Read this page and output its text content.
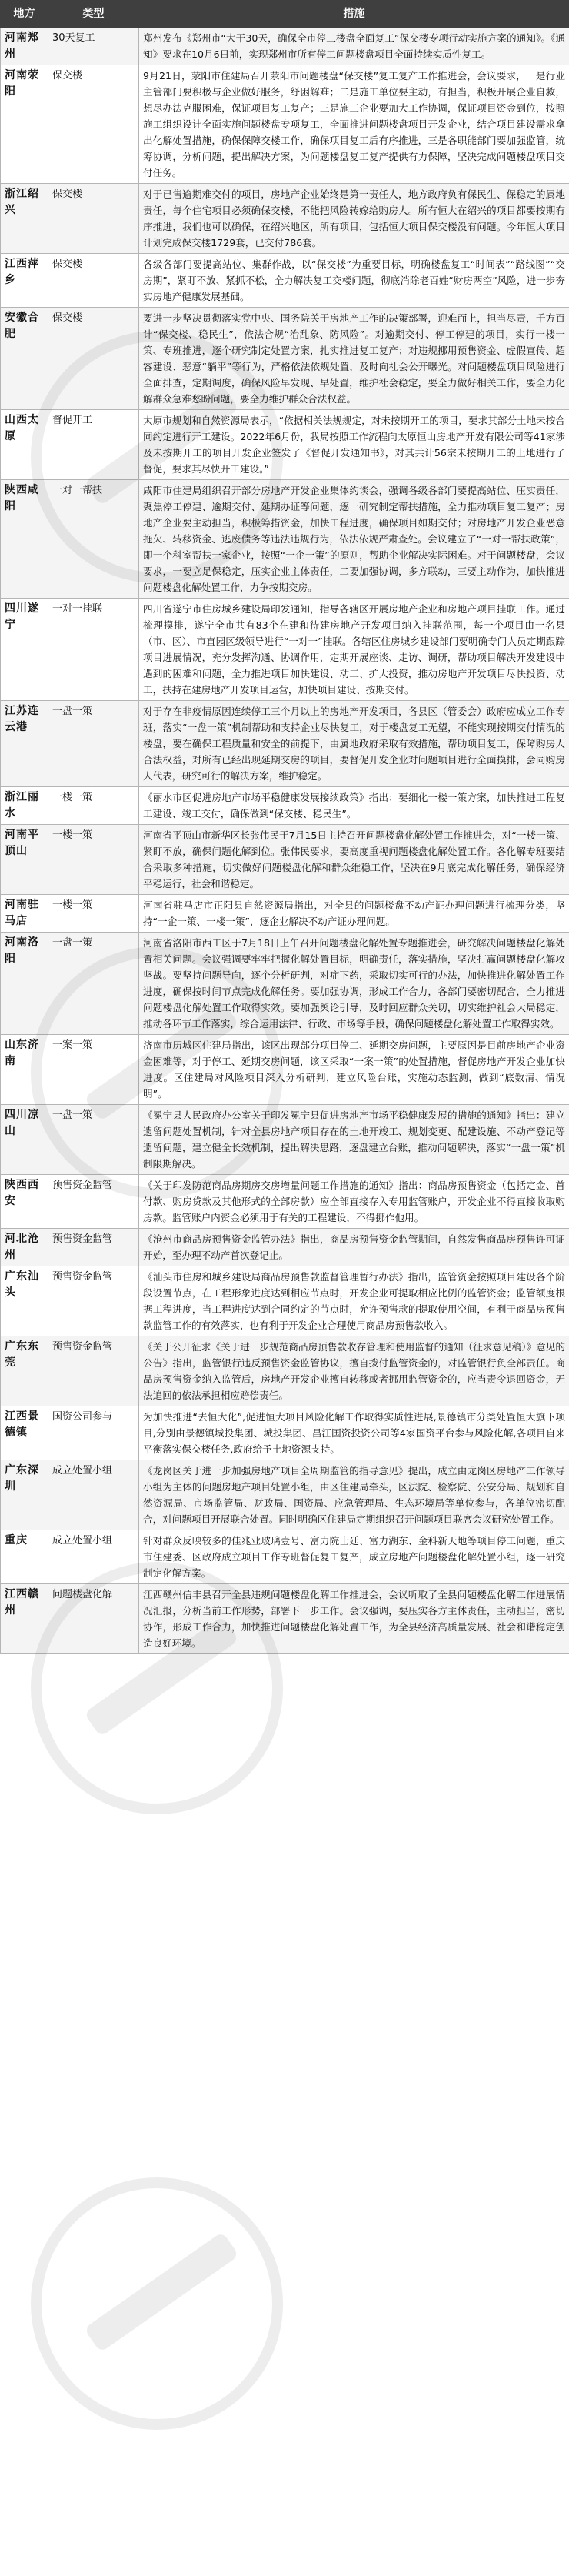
地方	类型	措施
河南郑州	30天复工	郑州发布《郑州市“大干30天，确保全市停工楼盘全面复工”保交楼专项行动实施方案的通知》。《通知》要求在10月6日前，实现郑州市所有停工问题楼盘项目全面持续实质性复工。
河南荥阳	保交楼	9月21日，荥阳市住建局召开荥阳市问题楼盘“保交楼”复工复产工作推进会，会议要求，一是行业主管部门要积极与企业做好服务，纾困解难；二是施工单位要主动，有担当，积极开展企业自救，想尽办法克服困难，保证项目复工复产；三是施工企业要加大工作协调，保证项目资金到位，按照施工组织设计全面实施问题楼盘专项复工，全面推进问题楼盘项目开发企业，结合项目建设需求拿出化解处置措施，确保保障交楼工作，确保项目复工后有序推进，三是各职能部门要加强监管，统筹协调，分析问题，提出解决方案，为问题楼盘复工复产提供有力保障，坚决完成问题楼盘项目交付任务。
浙江绍兴	保交楼	对于已售逾期难交付的项目，房地产企业始终是第一责任人，地方政府负有保民生、保稳定的属地责任，每个住宅项目必须确保交楼，不能把风险转嫁给购房人。所有恒大在绍兴的项目都要按期有序推进，我们也可以确保，在绍兴地区，所有项目，包括恒大项目保交楼没有问题。今年恒大项目计划完成保交楼1729套，已交付786套。
江西萍乡	保交楼	各级各部门要提高站位、集群作战，以“保交楼”为重要目标，明确楼盘复工“时间表”“路线图”“交房期”，紧盯不放、紧抓不松，全力解决复工交楼问题，彻底消除老百姓“财房两空”风险，进一步夯实房地产健康发展基础。
安徽合肥	保交楼	要进一步坚决贯彻落实党中央、国务院关于房地产工作的决策部署，迎难而上，担当尽责，千方百计“保交楼、稳民生”，依法合规“治乱象、防风险”。对逾期交付、停工停建的项目，实行一楼一策、专班推进，逐个研究制定处置方案，扎实推进复工复产；对违规挪用预售资金、虚假宣传、超容建设、恶意“躺平”等行为，严格依法依规处置，及时向社会公开曝光。对问题楼盘项目风险进行全面排查，定期调度，确保风险早发现、早处置，维护社会稳定，要全力做好相关工作，要全力化解群众急难愁盼问题，要全力维护群众合法权益。
山西太原	督促开工	太原市规划和自然资源局表示，“依据相关法规规定，对未按期开工的项目，要求其部分土地未按合同约定进行开工建设。2022年6月份，我局按照工作流程向太原恒山房地产开发有限公司等41家涉及未按期开工的项目开发企业签发了《督促开发通知书》，对其共计56宗未按期开工的土地进行了督促，要求其尽快开工建设。”
陕西咸阳	一对一帮扶	咸阳市住建局组织召开部分房地产开发企业集体约谈会，强调各级各部门要提高站位、压实责任，聚焦停工停建、逾期交付、延期办证等问题，逐一研究制定帮扶措施，全力推动项目复工复产；房地产企业要主动担当，积极筹措资金，加快工程进度，确保项目如期交付；对房地产开发企业恶意拖欠、转移资金、逃废债务等违法违规行为，依法依规严肃查处。会议建立了“一对一帮扶政策”，即一个科室帮扶一家企业，按照“一企一策”的原则，帮助企业解决实际困难。对于问题楼盘，会议要求，一要立足保稳定，压实企业主体责任，二要加强协调，多方联动，三要主动作为，加快推进问题楼盘化解处置工作，力争按期交房。
四川遂宁	一对一挂联	四川省遂宁市住房城乡建设局印发通知，指导各辖区开展房地产企业和房地产项目挂联工作。通过梳理摸排，遂宁全市共有83个在建和待建房地产开发项目纳入挂联范围，每一个项目由一名县（市、区）、市直园区级领导进行“一对一”挂联。各辖区住房城乡建设部门要明确专门人员定期跟踪项目进展情况，充分发挥沟通、协调作用，定期开展座谈、走访、调研，帮助项目解决开发建设中遇到的困难和问题，全力推进项目加快建设、动工、扩大投资，推动房地产开发项目尽快投资、动工，扶持在建房地产开发项目运营，加快项目建设、按期交付。
江苏连云港	一盘一策	对于存在非疫情原因连续停工三个月以上的房地产开发项目，各县区（管委会）政府应成立工作专班，落实“一盘一策”机制帮助和支持企业尽快复工，对于楼盘复工无望，不能实现按期交付情况的楼盘，要在确保工程质量和安全的前提下，由属地政府采取有效措施，帮助项目复工，保障购房人合法权益，对所有已经出现延期交房的项目，要督促开发企业对问题项目进行全面摸排，会同购房人代表，研究可行的解决方案，维护稳定。
浙江丽水	一楼一策	《丽水市区促进房地产市场平稳健康发展接续政策》指出：要细化一楼一策方案，加快推进工程复工建设、竣工交付，确保做到“保交楼、稳民生”。
河南平顶山	一楼一策	河南省平顶山市新华区长张伟民于7月15日主持召开问题楼盘化解处置工作推进会，对“一楼一策、紧盯不放，确保问题化解到位。张伟民要求，要高度重视问题楼盘化解处置工作。各化解专班要结合采取多种措施，切实做好问题楼盘化解和群众维稳工作，坚决在9月底完成化解任务，确保经济平稳运行，社会和谐稳定。
河南驻马店	一楼一策	河南省驻马店市正阳县自然资源局指出，对全县的问题楼盘不动产证办理问题进行梳理分类，坚持“一企一策、一楼一策”，逐企业解决不动产证办理问题。
河南洛阳	一盘一策	河南省洛阳市西工区于7月18日上午召开问题楼盘化解处置专题推进会，研究解决问题楼盘化解处置相关问题。会议强调要牢牢把握化解处置目标，明确责任，落实措施，坚决打赢问题楼盘化解攻坚战。要坚持问题导向，逐个分析研判，对症下药，采取切实可行的办法，加快推进化解处置工作进度，确保按时间节点完成化解任务。要加强协调，形成工作合力，各部门要密切配合，全力推进问题楼盘化解处置工作取得实效。要加强舆论引导，及时回应群众关切，切实维护社会大局稳定，推动各环节工作落实，综合运用法律、行政、市场等手段，确保问题楼盘化解处置工作取得实效。
山东济南	一案一策	济南市历城区住建局指出，该区出现部分项目停工、延期交房问题，主要原因是目前房地产企业资金困难等，对于停工、延期交房问题，该区采取“一案一策”的处置措施，督促房地产开发企业加快进度。区住建局对风险项目深入分析研判，建立风险台账，实施动态监测，做到“底数清、情况明”。
四川凉山	一盘一策	《冕宁县人民政府办公室关于印发冕宁县促进房地产市场平稳健康发展的措施的通知》指出：建立遗留问题处置机制，针对全县房地产项目存在的土地开竣工、规划变更、配建设施、不动产登记等遗留问题，建立健全长效机制，提出解决思路，逐盘建立台账，推动问题解决，落实“一盘一策”机制限期解决。
陕西西安	预售资金监管	《关于印发防范商品房期房交房增量问题工作措施的通知》指出：商品房预售资金（包括定金、首付款、购房贷款及其他形式的全部房款）应全部直接存入专用监管账户，开发企业不得直接收取购房款。监管账户内资金必须用于有关的工程建设，不得挪作他用。
河北沧州	预售资金监管	《沧州市商品房预售资金监管办法》指出，商品房预售资金监管期间，自然发售商品房预售许可证开始，至办理不动产首次登记止。
广东汕头	预售资金监管	《汕头市住房和城乡建设局商品房预售款监督管理暂行办法》指出，监管资金按照项目建设各个阶段设置节点，在工程形象进度达到相应节点时，开发企业可提取相应比例的监管资金；监管额度根据工程进度，当工程进度达到合同约定的节点时，允许预售款的提取使用空间，有利于商品房预售款监管工作的有效落实，也有利于开发企业合理使用商品房预售款收入。
广东东莞	预售资金监管	《关于公开征求《关于进一步规范商品房预售款收存管理和使用监督的通知（征求意见稿）》意见的公告》指出，监管银行违反预售资金监管协议，擅自拨付监管资金的，对监管银行负全部责任。商品房预售资金纳入监管后，房地产开发企业擅自转移或者挪用监管资金的，应当责令退回资金，无法追回的依法承担相应赔偿责任。
江西景德镇	国资公司参与	为加快推进“去恒大化”,促进恒大项目风险化解工作取得实质性进展,景德镇市分类处置恒大旗下项目,分别由景德镇城投集团、城投集团、昌江国资投资公司等4家国资平台参与风险化解,各项目自来平衡落实保交楼任务,政府给予土地资源支持。
广东深圳	成立处置小组	《龙岗区关于进一步加强房地产项目全周期监管的指导意见》提出，成立由龙岗区房地产工作领导小组为主体的问题房地产项目处置小组，由区住建局牵头，区法院、检察院、公安分局、规划和自然资源局、市场监管局、财政局、国资局、应急管理局、生态环境局等单位参与，各单位密切配合，对问题项目开展联合处置。同时明确区住建局定期组织召开问题项目联席会议研究处置工作。
重庆	成立处置小组	针对群众反映较多的佳兆业玻璃壹号、富力院士廷、富力湖东、金科新天地等项目停工问题，重庆市住建委、区政府成立项目工作专班督促复工复产，成立房地产问题楼盘化解处置小组，逐一研究制定化解方案。
江西赣州	问题楼盘化解	江西赣州信丰县召开全县违规问题楼盘化解工作推进会，会议听取了全县问题楼盘化解工作进展情况汇报，分析当前工作形势，部署下一步工作。会议强调，要压实各方主体责任，主动担当，密切协作，形成工作合力，加快推进问题楼盘化解处置工作，为全县经济高质量发展、社会和谐稳定创造良好环境。
